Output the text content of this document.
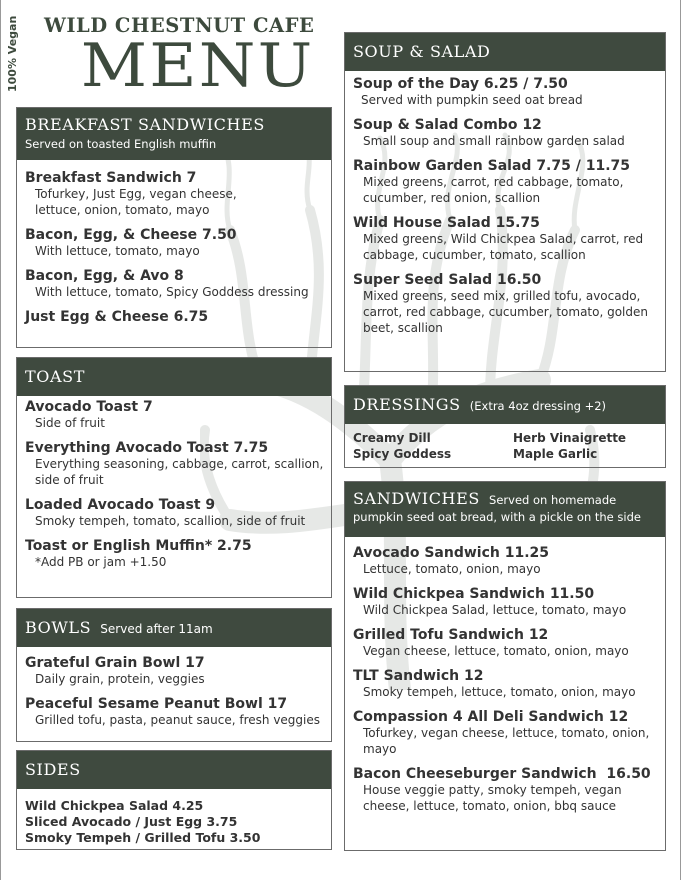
100% Vegan	WILD CHESTNUT CAFE
MENU
BREAKFAST SANDWICHES
Served on toasted English muffin
Breakfast Sandwich 7
Tofurkey, Just Egg, vegan cheese, lettuce, onion, tomato, mayo
Bacon, Egg, & Cheese 7.50
With lettuce, tomato, mayo
Bacon, Egg, & Avo 8
With lettuce, tomato, Spicy Goddess dressing
Just Egg & Cheese 6.75
TOAST
Avocado Toast 7
Side of fruit
Everything Avocado Toast 7.75
Everything seasoning, cabbage, carrot, scallion, side of fruit
Loaded Avocado Toast 9
Smoky tempeh, tomato, scallion, side of fruit
Toast or English Muffin* 2.75
*Add PB or jam +1.50
BOWLS Served after 11am
Grateful Grain Bowl 17
Daily grain, protein, veggies
Peaceful Sesame Peanut Bowl 17
Grilled tofu, pasta, peanut sauce, fresh veggies
SIDES
Wild Chickpea Salad 4.25
Sliced Avocado / Just Egg 3.75
Smoky Tempeh / Grilled Tofu 3.50
SOUP & SALAD
Soup of the Day 6.25 / 7.50
Served with pumpkin seed oat bread
Soup & Salad Combo 12
Small soup and small rainbow garden salad
Rainbow Garden Salad 7.75 / 11.75
Mixed greens, carrot, red cabbage, tomato, cucumber, red onion, scallion
Wild House Salad 15.75
Mixed greens, Wild Chickpea Salad, carrot, red cabbage, cucumber, tomato, scallion
Super Seed Salad 16.50
Mixed greens, seed mix, grilled tofu, avocado, carrot, red cabbage, cucumber, tomato, golden beet, scallion
DRESSINGS (Extra 4oz dressing +2)
Creamy Dill	Herb Vinaigrette
Spicy Goddess	Maple Garlic
SANDWICHES Served on homemade
pumpkin seed oat bread, with a pickle on the side
Avocado Sandwich 11.25
Lettuce, tomato, onion, mayo
Wild Chickpea Sandwich 11.50
Wild Chickpea Salad, lettuce, tomato, mayo
Grilled Tofu Sandwich 12
Vegan cheese, lettuce, tomato, onion, mayo
TLT Sandwich 12
Smoky tempeh, lettuce, tomato, onion, mayo
Compassion 4 All Deli Sandwich 12
Tofurkey, vegan cheese, lettuce, tomato, onion, mayo
Bacon Cheeseburger Sandwich  16.50
House veggie patty, smoky tempeh, vegan cheese, lettuce, tomato, onion, bbq sauce
